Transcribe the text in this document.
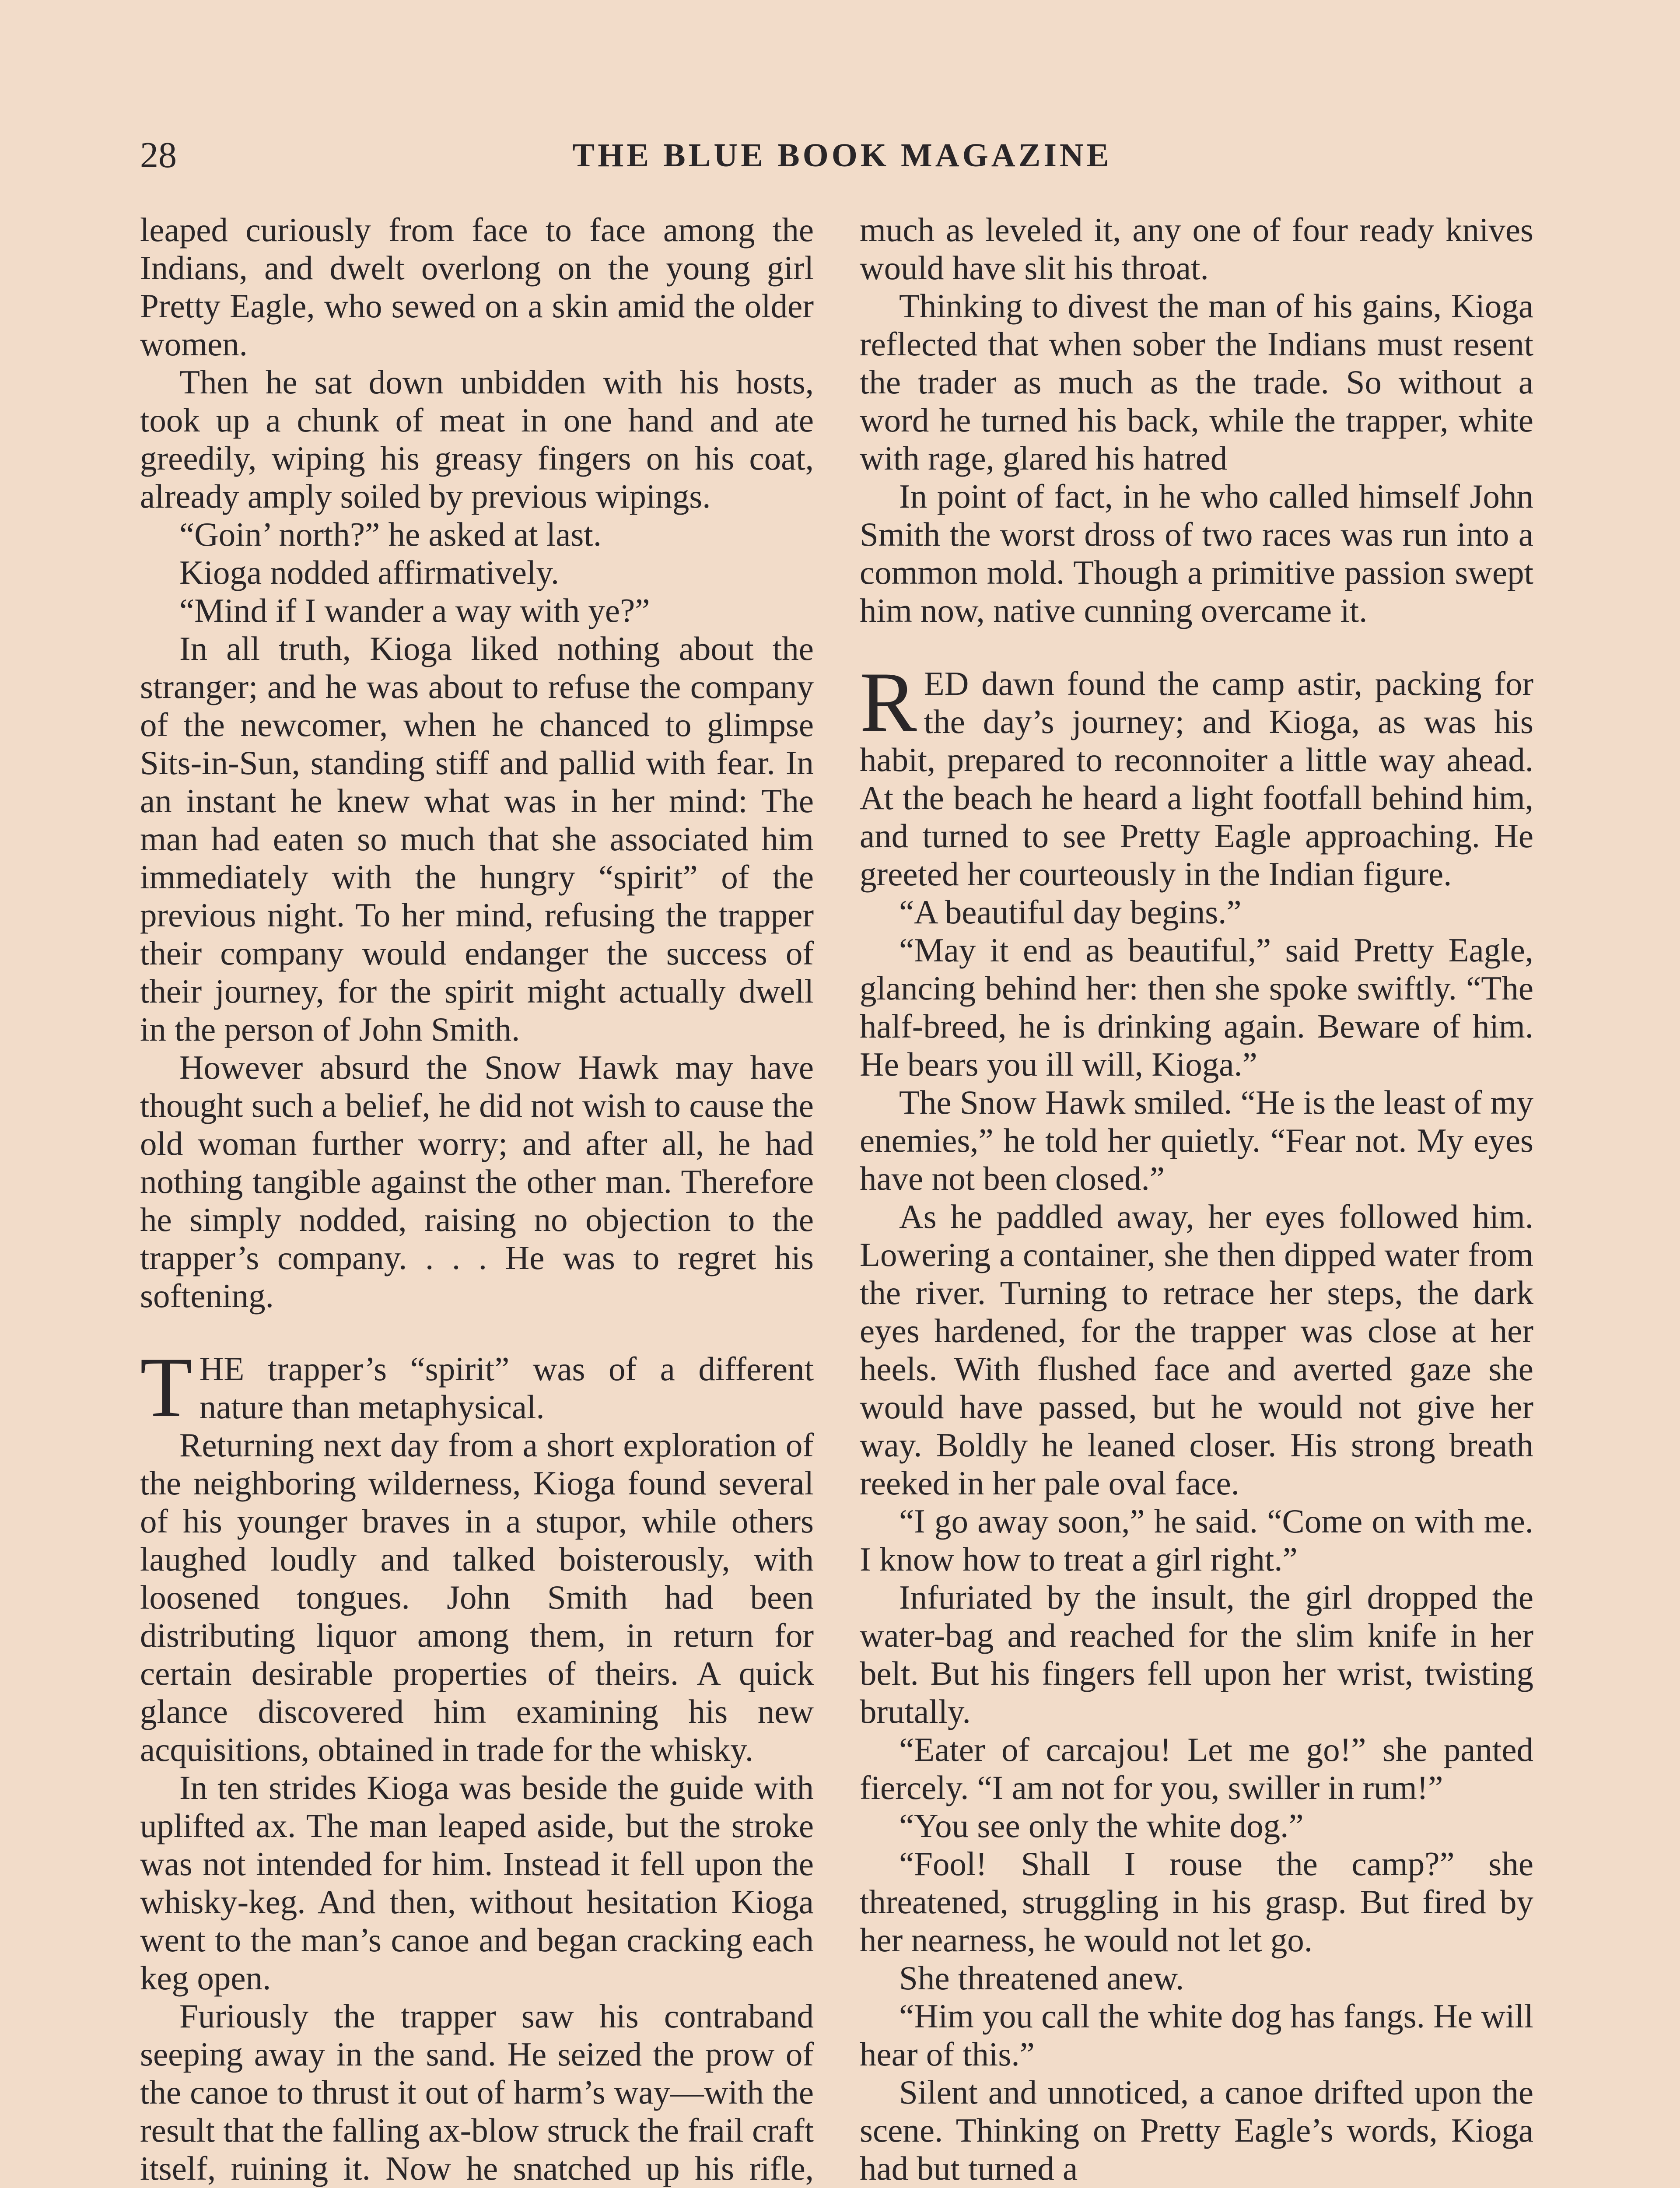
28	THE BLUE BOOK MAGAZINE

leaped curiously from face to face among the Indians, and dwelt overlong on the young girl Pretty Eagle, who sewed on a skin amid the older women.

Then he sat down unbidden with his hosts, took up a chunk of meat in one hand and ate greedily, wiping his greasy fingers on his coat, already amply soiled by previous wipings.

“Goin’ north?” he asked at last.

Kioga nodded affirmatively.

“Mind if I wander a way with ye?”

In all truth, Kioga liked nothing about the stranger; and he was about to refuse the company of the newcomer, when he chanced to glimpse Sits-in-Sun, standing stiff and pallid with fear. In an instant he knew what was in her mind: The man had eaten so much that she associated him immediately with the hungry “spirit” of the previous night. To her mind, refusing the trapper their company would endanger the success of their journey, for the spirit might actually dwell in the person of John Smith.

However absurd the Snow Hawk may have thought such a belief, he did not wish to cause the old woman further worry; and after all, he had nothing tangible against the other man. Therefore he simply nodded, raising no objection to the trapper’s company. . . . He was to regret his softening.

THE trapper’s “spirit” was of a different nature than metaphysical.

Returning next day from a short exploration of the neighboring wilderness, Kioga found several of his younger braves in a stupor, while others laughed loudly and talked boisterously, with loosened tongues. John Smith had been distributing liquor among them, in return for certain desirable properties of theirs. A quick glance discovered him examining his new acquisitions, obtained in trade for the whisky.

In ten strides Kioga was beside the guide with uplifted ax. The man leaped aside, but the stroke was not intended for him. Instead it fell upon the whisky-keg. And then, without hesitation Kioga went to the man’s canoe and began cracking each keg open.

Furiously the trapper saw his contraband seeping away in the sand. He seized the prow of the canoe to thrust it out of harm’s way—with the result that the falling ax-blow struck the frail craft itself, ruining it. Now he snatched up his rifle,

much as leveled it, any one of four ready knives would have slit his throat.

Thinking to divest the man of his gains, Kioga reflected that when sober the Indians must resent the trader as much as the trade. So without a word he turned his back, while the trapper, white with rage, glared his hatred

In point of fact, in he who called himself John Smith the worst dross of two races was run into a common mold. Though a primitive passion swept him now, native cunning overcame it.

RED dawn found the camp astir, packing for the day’s journey; and Kioga, as was his habit, prepared to reconnoiter a little way ahead. At the beach he heard a light footfall behind him, and turned to see Pretty Eagle approaching. He greeted her courteously in the Indian figure.

“A beautiful day begins.”

“May it end as beautiful,” said Pretty Eagle, glancing behind her: then she spoke swiftly. “The half-breed, he is drinking again. Beware of him. He bears you ill will, Kioga.”

The Snow Hawk smiled. “He is the least of my enemies,” he told her quietly. “Fear not. My eyes have not been closed.”

As he paddled away, her eyes followed him. Lowering a container, she then dipped water from the river. Turning to retrace her steps, the dark eyes hardened, for the trapper was close at her heels. With flushed face and averted gaze she would have passed, but he would not give her way. Boldly he leaned closer. His strong breath reeked in her pale oval face.

“I go away soon,” he said. “Come on with me. I know how to treat a girl right.”

Infuriated by the insult, the girl dropped the water-bag and reached for the slim knife in her belt. But his fingers fell upon her wrist, twisting brutally.

“Eater of carcajou! Let me go!” she panted fiercely. “I am not for you, swiller in rum!”

“You see only the white dog.”

“Fool! Shall I rouse the camp?” she threatened, struggling in his grasp. But fired by her nearness, he would not let go.

She threatened anew.

“Him you call the white dog has fangs. He will hear of this.”

Silent and unnoticed, a canoe drifted upon the scene. Thinking on Pretty Eagle’s words, Kioga had but turned a
